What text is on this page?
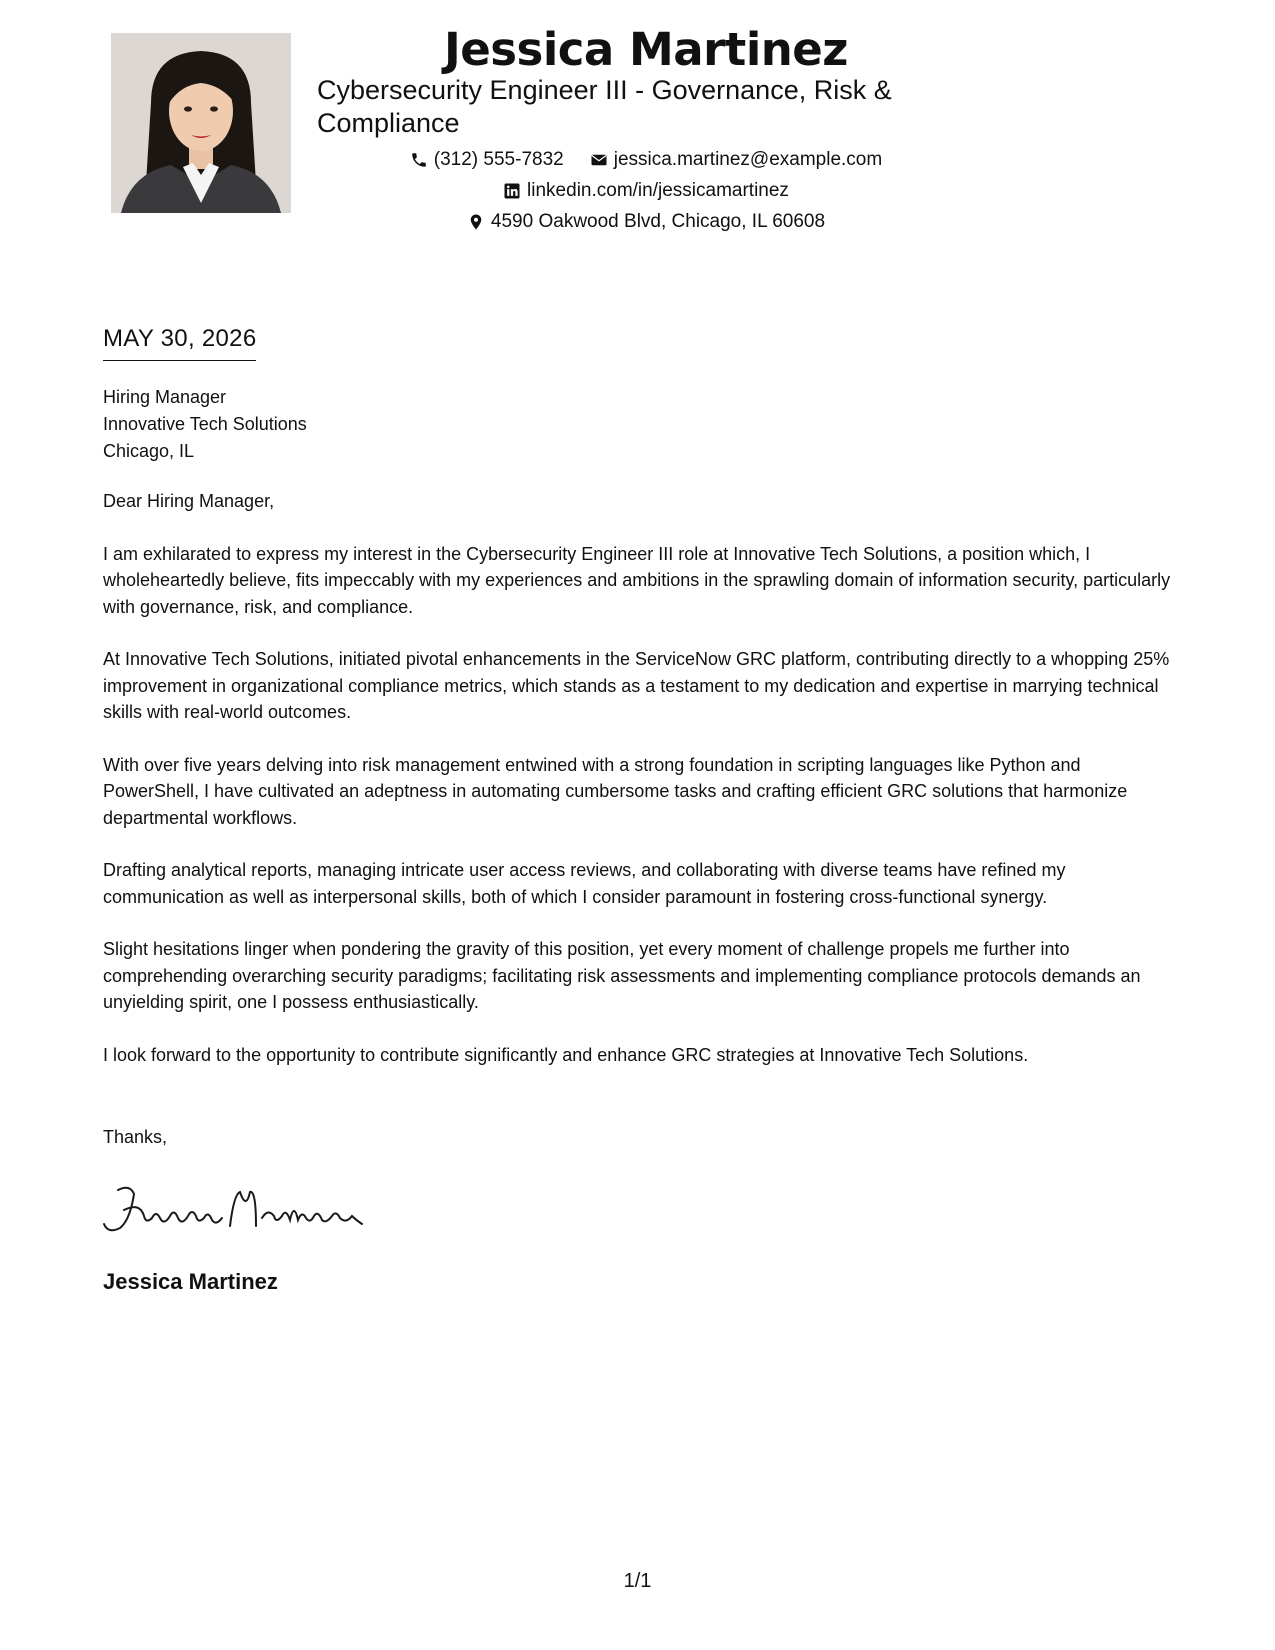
Jessica Martinez
Cybersecurity Engineer III - Governance, Risk &
Compliance
(312) 555-7832	jessica.martinez@example.com
linkedin.com/in/jessicamartinez
4590 Oakwood Blvd, Chicago, IL 60608
MAY 30, 2026
Hiring Manager
Innovative Tech Solutions
Chicago, IL

Dear Hiring Manager,

I am exhilarated to express my interest in the Cybersecurity Engineer III role at Innovative Tech Solutions, a position which, I wholeheartedly believe, fits impeccably with my experiences and ambitions in the sprawling domain of information security, particularly with governance, risk, and compliance.

At Innovative Tech Solutions, initiated pivotal enhancements in the ServiceNow GRC platform, contributing directly to a whopping 25% improvement in organizational compliance metrics, which stands as a testament to my dedication and expertise in marrying technical skills with real-world outcomes.

With over five years delving into risk management entwined with a strong foundation in scripting languages like Python and PowerShell, I have cultivated an adeptness in automating cumbersome tasks and crafting efficient GRC solutions that harmonize departmental workflows.

Drafting analytical reports, managing intricate user access reviews, and collaborating with diverse teams have refined my communication as well as interpersonal skills, both of which I consider paramount in fostering cross-functional synergy.

Slight hesitations linger when pondering the gravity of this position, yet every moment of challenge propels me further into comprehending overarching security paradigms; facilitating risk assessments and implementing compliance protocols demands an unyielding spirit, one I possess enthusiastically.

I look forward to the opportunity to contribute significantly and enhance GRC strategies at Innovative Tech Solutions.

Thanks,
Jessica Martinez
1/1
